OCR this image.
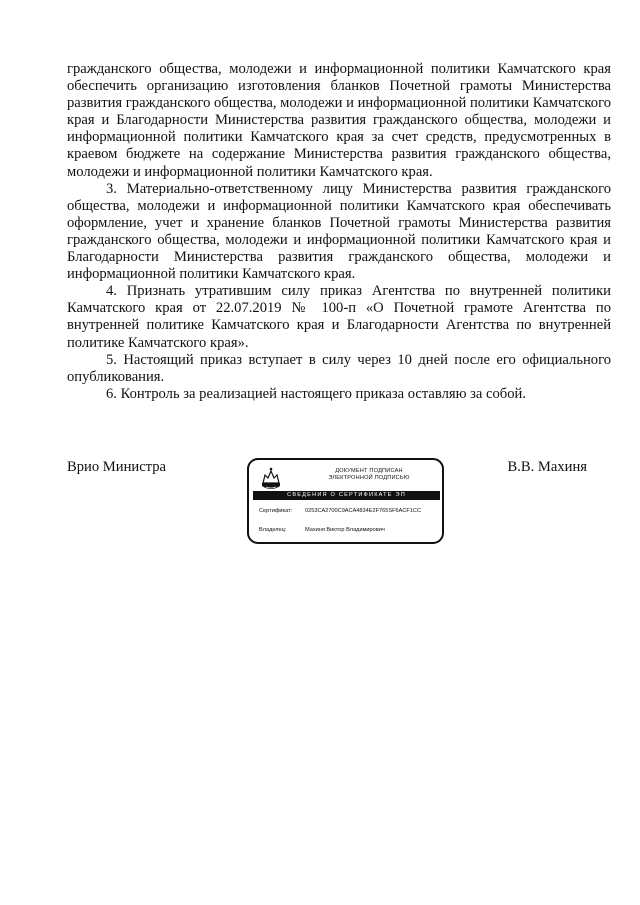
гражданского общества, молодежи и информационной политики Камчатского края обеспечить организацию изготовления бланков Почетной грамоты Министерства развития гражданского общества, молодежи и информационной политики Камчатского края и Благодарности Министерства развития гражданского общества, молодежи и информационной политики Камчатского края за счет средств, предусмотренных в краевом бюджете на содержание Министерства развития гражданского общества, молодежи и информационной политики Камчатского края.

3. Материально-ответственному лицу Министерства развития гражданского общества, молодежи и информационной политики Камчатского края обеспечивать оформление, учет и хранение бланков Почетной грамоты Министерства развития гражданского общества, молодежи и информационной политики Камчатского края и Благодарности Министерства развития гражданского общества, молодежи и информационной политики Камчатского края.

4. Признать утратившим силу приказ Агентства по внутренней политики Камчатского края от 22.07.2019 № 100-п «О Почетной грамоте Агентства по внутренней политике Камчатского края и Благодарности Агентства по внутренней политике Камчатского края».

5. Настоящий приказ вступает в силу через 10 дней после его официального опубликования.

6. Контроль за реализацией настоящего приказа оставляю за собой.

Врио Министра	ДОКУМЕНТ ПОДПИСАН
ЭЛЕКТРОННОЙ ПОДПИСЬЮ
СВЕДЕНИЯ О СЕРТИФИКАТЕ ЭП
Сертификат: 0253CA2700C9ACA4834E2F765SF6ACF1CC
Владелец:	Махиня Виктор Владимирович
В.В. Махиня
